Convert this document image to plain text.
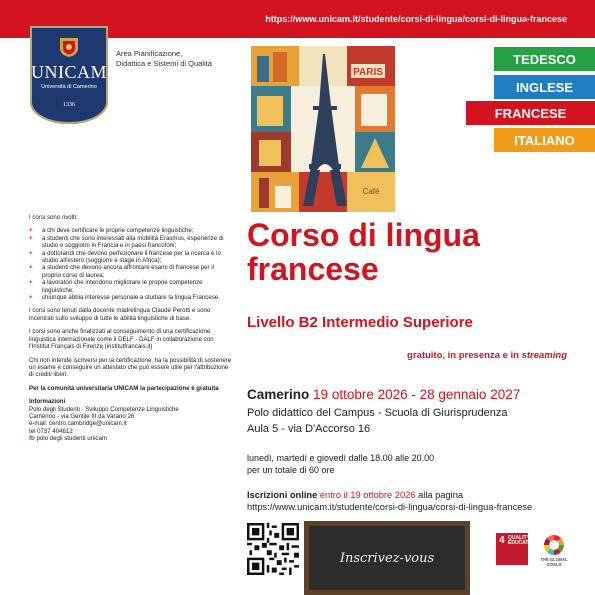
https://www.unicam.it/studente/corsi-di-lingua/corsi-di-lingua-francese
UNICAM
Università di Camerino
1336
Area Pianificazione,
Didattica e Sistemi di Qualità
PARIS
Café
TEDESCO
INGLESE
FRANCESE
ITALIANO

I corsi sono rivolti:

+ a chi deve certificare le proprie competenze linguistiche;
+ a studenti che sono interessati alla mobilità Erasmus, esperienze di studio e soggiorni in Francia e in paesi francofoni;
+ a dottorandi che devono perfezionare il francese per la ricerca e lo studio all'estero (soggiorni e stage in Africa);
+ a studenti che devono ancora affrontare esami di francese per il proprio corso di laurea;
+ a lavoratori che intendono migliorare le proprie competenze linguistiche;
+ chiunque abbia interesse personale a studiare la lingua Francese.

I corsi sono tenuti dalla docente madrelingua Claude Perotti e sono incentrati sullo sviluppo di tutte le abilità linguistiche di base.

I corsi sono anche finalizzati al conseguimento di una certificazione linguistica internazionale come il DELF - DALF in collaborazione con l'Institut Français di Firenze (institutfrancais.it)

Chi non intende iscriversi per la certificazione, ha la possibilità di sostenere un esame e conseguire un attestato che può essere utile per l'attribuzione di crediti liberi.

Per la comunità universitaria UNICAM la partecipazione è gratuita

Informazioni
Polo degli Studenti - Sviluppo Competenze Linguistiche
Camerino - via Gentile III da Varano 26
e-mail: centro.cambridge@unicam.it
tel 0737 404612
fb polo degli studenti unicam

Corso di lingua francese
Livello B2 Intermedio Superiore
gratuito, in presenza e in streaming
Camerino 19 ottobre 2026 - 28 gennaio 2027
Polo didattico del Campus - Scuola di Giurisprudenza
Aula 5 - via D'Accorso 16
lunedì, martedì e giovedì dalle 18.00 alle 20.00
per un totale di 60 ore
Iscrizioni online entro il 19 ottobre 2026 alla pagina
https://www.unicam.it/studente/corsi-di-lingua/corsi-di-lingua-francese
Inscrivez-vous
4 QUALITY EDUCATION
THE GLOBAL GOALS
